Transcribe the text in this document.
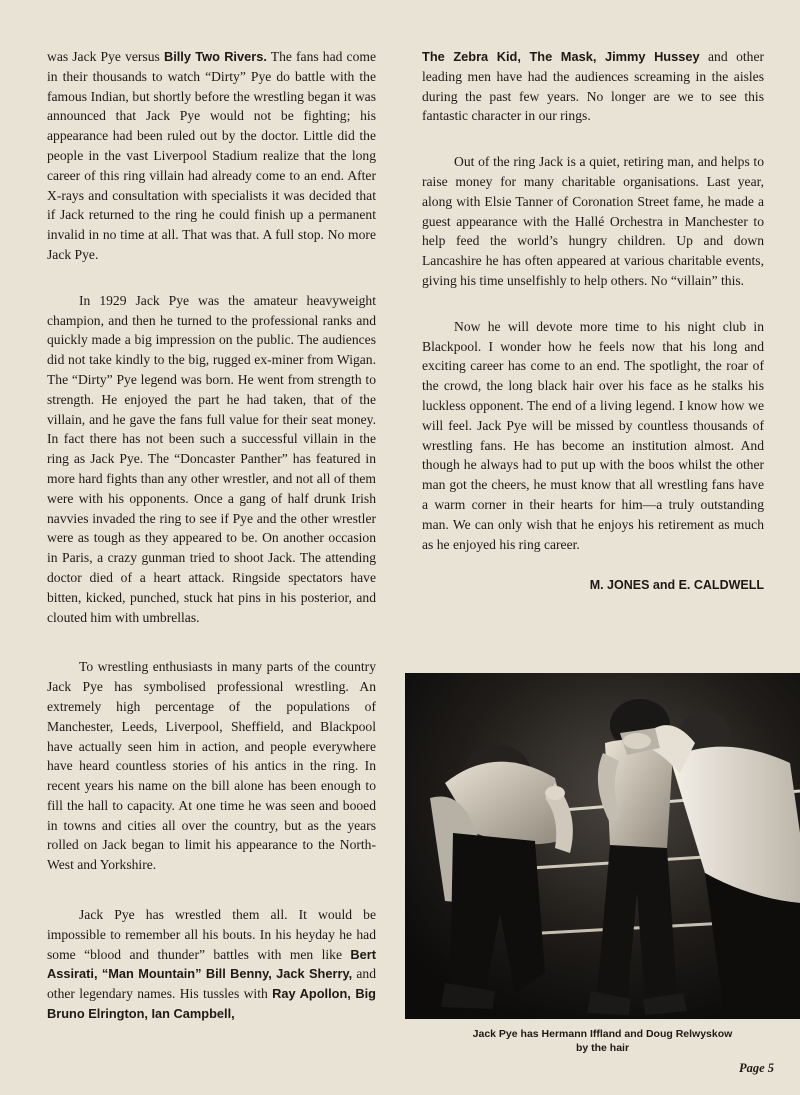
was Jack Pye versus Billy Two Rivers. The fans had come in their thousands to watch “Dirty” Pye do battle with the famous Indian, but shortly before the wrestling began it was announced that Jack Pye would not be fighting; his appearance had been ruled out by the doctor. Little did the people in the vast Liverpool Stadium realize that the long career of this ring villain had already come to an end. After X-rays and consultation with specialists it was decided that if Jack returned to the ring he could finish up a permanent invalid in no time at all. That was that. A full stop. No more Jack Pye.

In 1929 Jack Pye was the amateur heavyweight champion, and then he turned to the professional ranks and quickly made a big impression on the public. The audiences did not take kindly to the big, rugged ex-miner from Wigan. The “Dirty” Pye legend was born. He went from strength to strength. He enjoyed the part he had taken, that of the villain, and he gave the fans full value for their seat money. In fact there has not been such a successful villain in the ring as Jack Pye. The “Doncaster Panther” has featured in more hard fights than any other wrestler, and not all of them were with his opponents. Once a gang of half drunk Irish navvies invaded the ring to see if Pye and the other wrestler were as tough as they appeared to be. On another occasion in Paris, a crazy gunman tried to shoot Jack. The attending doctor died of a heart attack. Ringside spectators have bitten, kicked, punched, stuck hat pins in his posterior, and clouted him with umbrellas.

To wrestling enthusiasts in many parts of the country Jack Pye has symbolised professional wrestling. An extremely high percentage of the populations of Manchester, Leeds, Liverpool, Sheffield, and Blackpool have actually seen him in action, and people everywhere have heard countless stories of his antics in the ring. In recent years his name on the bill alone has been enough to fill the hall to capacity. At one time he was seen and booed in towns and cities all over the country, but as the years rolled on Jack began to limit his appearance to the North-West and Yorkshire.

Jack Pye has wrestled them all. It would be impossible to remember all his bouts. In his heyday he had some “blood and thunder” battles with men like Bert Assirati, “Man Mountain” Bill Benny, Jack Sherry, and other legendary names. His tussles with Ray Apollon, Big Bruno Elrington, Ian Campbell,

The Zebra Kid, The Mask, Jimmy Hussey and other leading men have had the audiences screaming in the aisles during the past few years. No longer are we to see this fantastic character in our rings.

Out of the ring Jack is a quiet, retiring man, and helps to raise money for many charitable organisations. Last year, along with Elsie Tanner of Coronation Street fame, he made a guest appearance with the Hallé Orchestra in Manchester to help feed the world’s hungry children. Up and down Lancashire he has often appeared at various charitable events, giving his time unselfishly to help others. No “villain” this.

Now he will devote more time to his night club in Blackpool. I wonder how he feels now that his long and exciting career has come to an end. The spotlight, the roar of the crowd, the long black hair over his face as he stalks his luckless opponent. The end of a living legend. I know how we will feel. Jack Pye will be missed by countless thousands of wrestling fans. He has become an institution almost. And though he always had to put up with the boos whilst the other man got the cheers, he must know that all wrestling fans have a warm corner in their hearts for him—a truly outstanding man. We can only wish that he enjoys his retirement as much as he enjoyed his ring career.

M. JONES and E. CALDWELL
Jack Pye has Hermann Iffland and Doug Relwyskow
by the hair
Page 5
